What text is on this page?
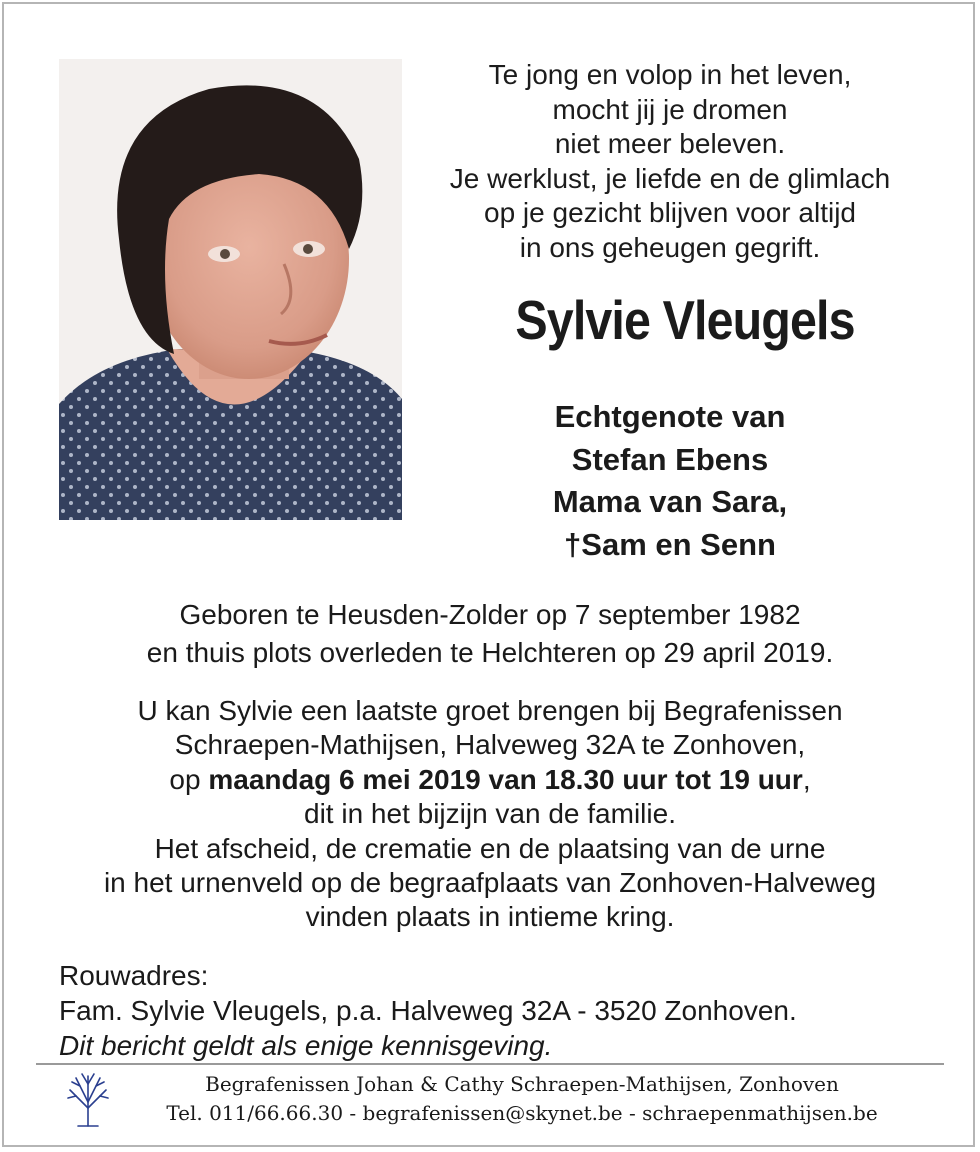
Te jong en volop in het leven,
mocht jij je dromen
niet meer beleven.
Je werklust, je liefde en de glimlach
op je gezicht blijven voor altijd
in ons geheugen gegrift.
Sylvie Vleugels
Echtgenote van
Stefan Ebens
Mama van Sara,
†Sam en Senn
Geboren te Heusden-Zolder op 7 september 1982
en thuis plots overleden te Helchteren op 29 april 2019.
U kan Sylvie een laatste groet brengen bij Begrafenissen
Schraepen-Mathijsen, Halveweg 32A te Zonhoven,
op maandag 6 mei 2019 van 18.30 uur tot 19 uur,
dit in het bijzijn van de familie.
Het afscheid, de crematie en de plaatsing van de urne
in het urnenveld op de begraafplaats van Zonhoven-Halveweg
vinden plaats in intieme kring.
Rouwadres:
Fam. Sylvie Vleugels, p.a. Halveweg 32A - 3520 Zonhoven.
Dit bericht geldt als enige kennisgeving.
Begrafenissen Johan & Cathy Schraepen-Mathijsen, Zonhoven
Tel. 011/66.66.30 - begrafenissen@skynet.be - schraepenmathijsen.be
